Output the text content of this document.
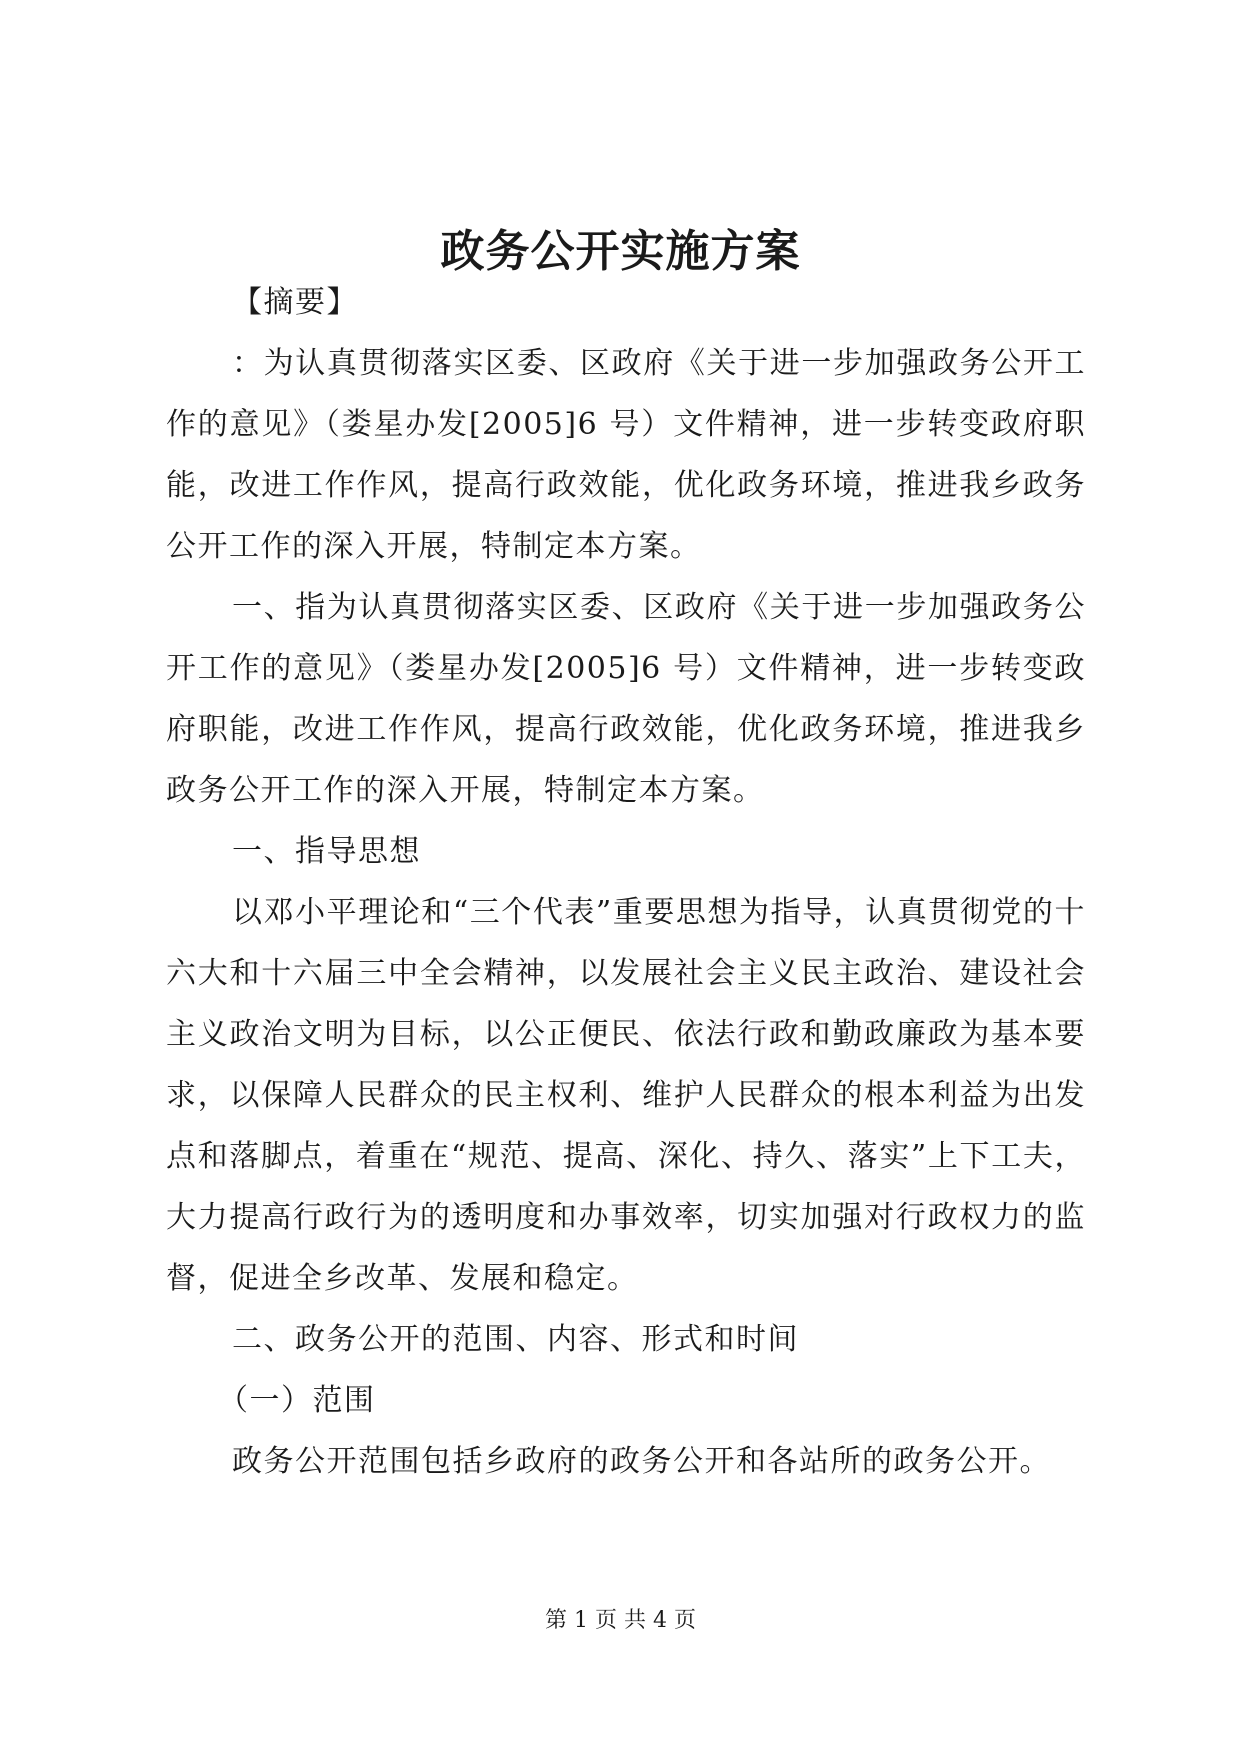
政务公开实施方案

【摘要】

：为认真贯彻落实区委、区政府《关于进一步加强政务公开工作的意见》（娄星办发[2005]6 号）文件精神，进一步转变政府职能，改进工作作风，提高行政效能，优化政务环境，推进我乡政务公开工作的深入开展，特制定本方案。

一、指为认真贯彻落实区委、区政府《关于进一步加强政务公开工作的意见》（娄星办发[2005]6 号）文件精神，进一步转变政府职能，改进工作作风，提高行政效能，优化政务环境，推进我乡政务公开工作的深入开展，特制定本方案。

一、指导思想

以邓小平理论和“三个代表”重要思想为指导，认真贯彻党的十六大和十六届三中全会精神，以发展社会主义民主政治、建设社会主义政治文明为目标，以公正便民、依法行政和勤政廉政为基本要求，以保障人民群众的民主权利、维护人民群众的根本利益为出发点和落脚点，着重在“规范、提高、深化、持久、落实”上下工夫，大力提高行政行为的透明度和办事效率，切实加强对行政权力的监督，促进全乡改革、发展和稳定。

二、政务公开的范围、内容、形式和时间

（一）范围

政务公开范围包括乡政府的政务公开和各站所的政务公开。

第 1 页 共 4 页
